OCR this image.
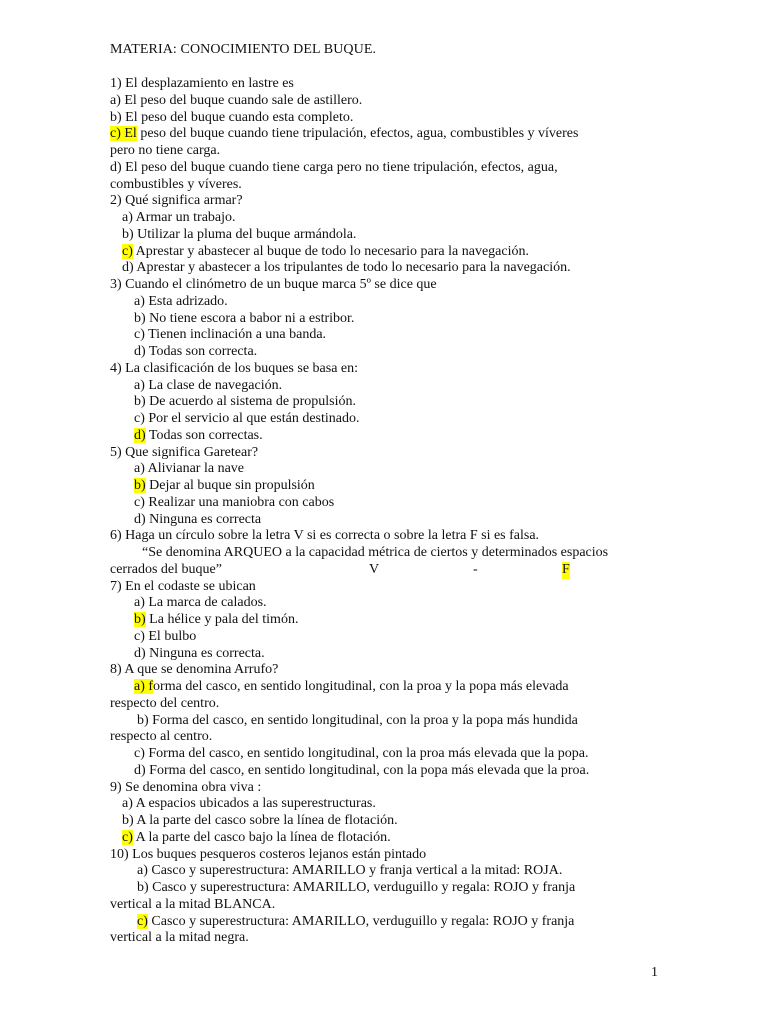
MATERIA: CONOCIMIENTO DEL BUQUE.
1) El desplazamiento en lastre es
a) El peso del buque cuando sale de astillero.
b) El peso del buque cuando esta completo.
c) El peso del buque cuando tiene tripulación, efectos, agua, combustibles y víveres
pero no tiene carga.
d) El peso del buque cuando tiene carga pero no tiene tripulación, efectos, agua,
combustibles y víveres.
2) Qué significa armar?
a) Armar un trabajo.
b) Utilizar la pluma del buque armándola.
c) Aprestar y abastecer al buque de todo lo necesario para la navegación.
d) Aprestar y abastecer a los tripulantes de todo lo necesario para la navegación.
3) Cuando el clinómetro de un buque marca 5º se dice que
a) Esta adrizado.
b) No tiene escora a babor ni a estribor.
c) Tienen inclinación a una banda.
d) Todas son correcta.
4) La clasificación de los buques se basa en:
a) La clase de navegación.
b) De acuerdo al sistema de propulsión.
c) Por el servicio al que están destinado.
d) Todas son correctas.
5) Que significa Garetear?
a) Alivianar la nave
b) Dejar al buque sin propulsión
c) Realizar una maniobra con cabos
d) Ninguna es correcta
6) Haga un círculo sobre la letra V si es correcta o sobre la letra F si es falsa.
“Se denomina ARQUEO a la capacidad métrica de ciertos y determinados espacios
cerrados del buque”	V	-	F
7) En el codaste se ubican
a) La marca de calados.
b) La hélice y pala del timón.
c) El bulbo
d) Ninguna es correcta.
8) A que se denomina Arrufo?
a) forma del casco, en sentido longitudinal, con la proa y la popa más elevada
respecto del centro.
b) Forma del casco, en sentido longitudinal, con la proa y la popa más hundida
respecto al centro.
c) Forma del casco, en sentido longitudinal, con la proa más elevada que la popa.
d) Forma del casco, en sentido longitudinal, con la popa más elevada que la proa.
9) Se denomina obra viva :
a) A espacios ubicados a las superestructuras.
b) A la parte del casco sobre la línea de flotación.
c) A la parte del casco bajo la línea de flotación.
10) Los buques pesqueros costeros lejanos están pintado
a) Casco y superestructura: AMARILLO y franja vertical a la mitad: ROJA.
b) Casco y superestructura: AMARILLO, verduguillo y regala: ROJO y franja
vertical a la mitad BLANCA.
c) Casco y superestructura: AMARILLO, verduguillo y regala: ROJO y franja
vertical a la mitad negra.
1
